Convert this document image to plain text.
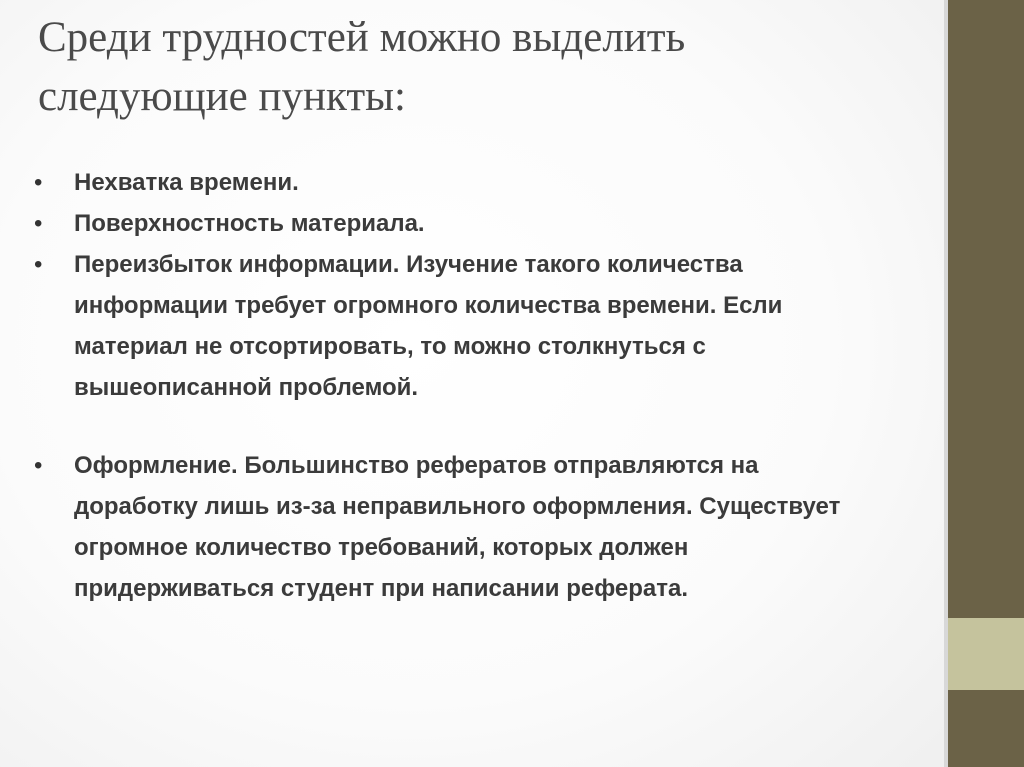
Среди трудностей можно выделить следующие пункты:
• Нехватка времени.
• Поверхностность материала.
• Переизбыток информации. Изучение такого количества информации требует огромного количества времени. Если материал не отсортировать, то можно столкнуться с вышеописанной проблемой.
• Оформление. Большинство рефератов отправляются на доработку лишь из-за неправильного оформления. Существует огромное количество требований, которых должен придерживаться студент при написании реферата.
